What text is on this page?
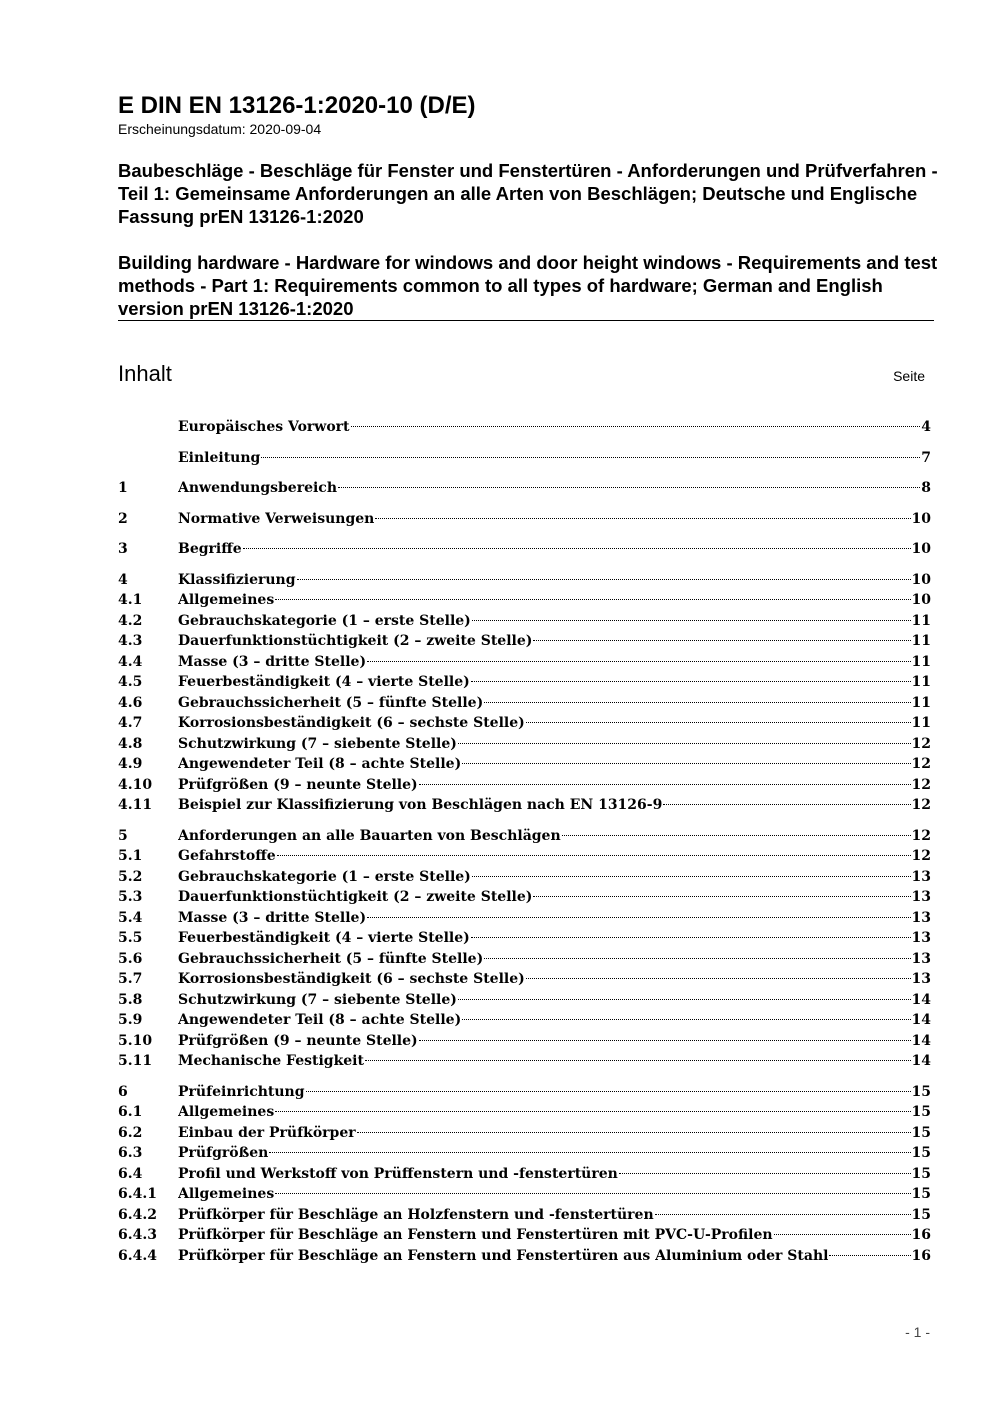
E DIN EN 13126-1:2020-10 (D/E)
Erscheinungsdatum: 2020-09-04
Baubeschläge - Beschläge für Fenster und Fenstertüren - Anforderungen und Prüfverfahren - Teil 1: Gemeinsame Anforderungen an alle Arten von Beschlägen; Deutsche und Englische Fassung prEN 13126-1:2020
Building hardware - Hardware for windows and door height windows - Requirements and test methods - Part 1: Requirements common to all types of hardware; German and English version prEN 13126-1:2020
Inhalt	Seite
Europäisches Vorwort	4
Einleitung	7
1	Anwendungsbereich	8
2	Normative Verweisungen	10
3	Begriffe	10
4	Klassifizierung	10
4.1	Allgemeines	10
4.2	Gebrauchskategorie (1 – erste Stelle)	11
4.3	Dauerfunktionstüchtigkeit (2 – zweite Stelle)	11
4.4	Masse (3 – dritte Stelle)	11
4.5	Feuerbeständigkeit (4 – vierte Stelle)	11
4.6	Gebrauchssicherheit (5 – fünfte Stelle)	11
4.7	Korrosionsbeständigkeit (6 – sechste Stelle)	11
4.8	Schutzwirkung (7 – siebente Stelle)	12
4.9	Angewendeter Teil (8 – achte Stelle)	12
4.10	Prüfgrößen (9 – neunte Stelle)	12
4.11	Beispiel zur Klassifizierung von Beschlägen nach EN 13126-9	12
5	Anforderungen an alle Bauarten von Beschlägen	12
5.1	Gefahrstoffe	12
5.2	Gebrauchskategorie (1 – erste Stelle)	13
5.3	Dauerfunktionstüchtigkeit (2 – zweite Stelle)	13
5.4	Masse (3 – dritte Stelle)	13
5.5	Feuerbeständigkeit (4 – vierte Stelle)	13
5.6	Gebrauchssicherheit (5 – fünfte Stelle)	13
5.7	Korrosionsbeständigkeit (6 – sechste Stelle)	13
5.8	Schutzwirkung (7 – siebente Stelle)	14
5.9	Angewendeter Teil (8 – achte Stelle)	14
5.10	Prüfgrößen (9 – neunte Stelle)	14
5.11	Mechanische Festigkeit	14
6	Prüfeinrichtung	15
6.1	Allgemeines	15
6.2	Einbau der Prüfkörper	15
6.3	Prüfgrößen	15
6.4	Profil und Werkstoff von Prüffenstern und -fenstertüren	15
6.4.1	Allgemeines	15
6.4.2	Prüfkörper für Beschläge an Holzfenstern und -fenstertüren	15
6.4.3	Prüfkörper für Beschläge an Fenstern und Fenstertüren mit PVC-U-Profilen	16
6.4.4	Prüfkörper für Beschläge an Fenstern und Fenstertüren aus Aluminium oder Stahl	16
- 1 -
